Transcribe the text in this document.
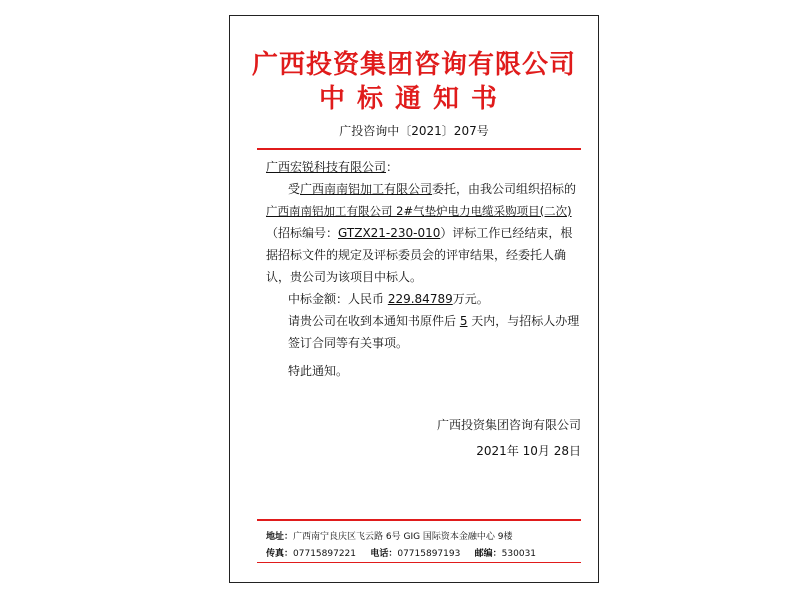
广西投资集团咨询有限公司
中标通知书
广投咨询中〔2021〕207号
广西宏锐科技有限公司：
受广西南南铝加工有限公司委托，由我公司组织招标的
广西南南铝加工有限公司 2#气垫炉电力电缆采购项目(二次)
（招标编号：GTZX21-230-010）评标工作已经结束，根据招标文件的规定及评标委员会的评审结果，经委托人确认，贵公司为该项目中标人。
中标金额：人民币 229.84789万元。
请贵公司在收到本通知书原件后 5 天内，与招标人办理签订合同等有关事项。
特此通知。
广西投资集团咨询有限公司
2021年 10月 28日
地址：广西南宁良庆区飞云路 6号 GIG 国际资本金融中心 9楼
传真：07715897221 电话：07715897193 邮编：530031
